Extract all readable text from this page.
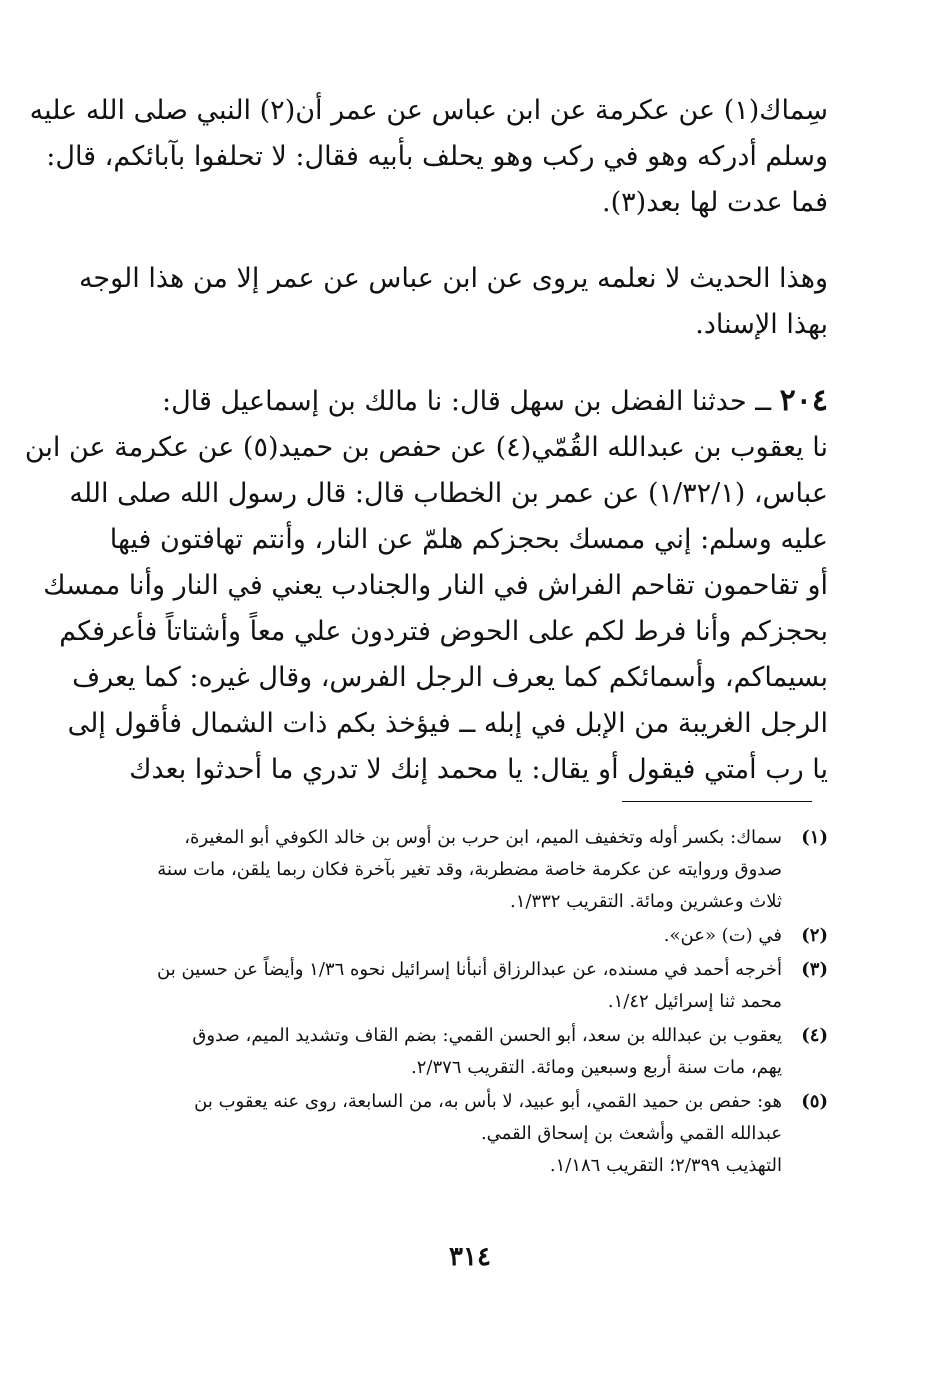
سِماك(١) عن عكرمة عن ابن عباس عن عمر أن(٢) النبي صلى الله عليه
وسلم أدركه وهو في ركب وهو يحلف بأبيه فقال: لا تحلفوا بآبائكم، قال:
فما عدت لها بعد(٣).

وهذا الحديث لا نعلمه يروى عن ابن عباس عن عمر إلا من هذا الوجه
بهذا الإسناد.

٢٠٤ ــ حدثنا الفضل بن سهل قال: نا مالك بن إسماعيل قال:
نا يعقوب بن عبدالله القُمّي(٤) عن حفص بن حميد(٥) عن عكرمة عن ابن
عباس، (١/٣٢/١) عن عمر بن الخطاب قال: قال رسول الله صلى الله
عليه وسلم: إني ممسك بحجزكم هلمّ عن النار، وأنتم تهافتون فيها
أو تقاحمون تقاحم الفراش في النار والجنادب يعني في النار وأنا ممسك
بحجزكم وأنا فرط لكم على الحوض فتردون علي معاً وأشتاتاً فأعرفكم
بسيماكم، وأسمائكم كما يعرف الرجل الفرس، وقال غيره: كما يعرف
الرجل الغريبة من الإبل في إبله ــ فيؤخذ بكم ذات الشمال فأقول إلى
يا رب أمتي فيقول أو يقال: يا محمد إنك لا تدري ما أحدثوا بعدك

(١)
سماك: بكسر أوله وتخفيف الميم، ابن حرب بن أوس بن خالد الكوفي أبو المغيرة،
صدوق وروايته عن عكرمة خاصة مضطربة، وقد تغير بآخرة فكان ربما يلقن، مات سنة
ثلاث وعشرين ومائة. التقريب ١/٣٣٢.
(٢)
في (ت) «عن».
(٣)
أخرجه أحمد في مسنده، عن عبدالرزاق أنبأنا إسرائيل نحوه ١/٣٦ وأيضاً عن حسين بن
محمد ثنا إسرائيل ١/٤٢.
(٤)
يعقوب بن عبدالله بن سعد، أبو الحسن القمي: بضم القاف وتشديد الميم، صدوق
يهم، مات سنة أربع وسبعين ومائة. التقريب ٢/٣٧٦.
(٥)
هو: حفص بن حميد القمي، أبو عبيد، لا بأس به، من السابعة، روى عنه يعقوب بن
عبدالله القمي وأشعث بن إسحاق القمي.
التهذيب ٢/٣٩٩؛ التقريب ١/١٨٦.
٣١٤
